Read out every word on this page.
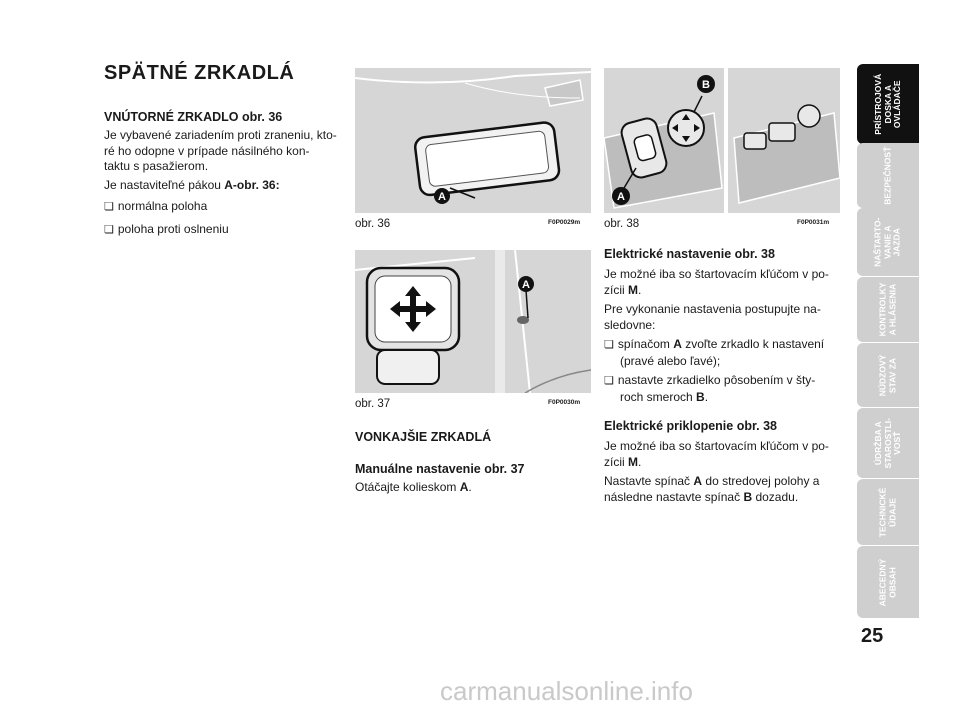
SPÄTNÉ ZRKADLÁ
VNÚTORNÉ ZRKADLO obr. 36
Je vybavené zariadením proti zraneniu, kto-
ré ho odopne v prípade násilného kon-
taktu s pasažierom.
Je nastaviteľné pákou A-obr. 36:
❏ normálna poloha
❏ poloha proti oslneniu
A
obr. 36	F0P0029m
A
obr. 37	F0P0030m
VONKAJŠIE ZRKADLÁ
Manuálne nastavenie obr. 37
Otáčajte kolieskom A.
B
A
obr. 38	F0P0031m
Elektrické nastavenie obr. 38
Je možné iba so štartovacím kľúčom v po-
zícii M.
Pre vykonanie nastavenia postupujte na-
sledovne:
❏ spínačom A zvoľte zrkadlo k nastavení
(pravé alebo ľavé);
❏ nastavte zrkadielko pôsobením v šty-
roch smeroch B.
Elektrické priklopenie obr. 38
Je možné iba so štartovacím kľúčom v po-
zícii M.
Nastavte spínač A do stredovej polohy a
následne nastavte spínač B dozadu.
PRÍSTROJOVÁ
DOSKA A
OVLÁDAČE
BEZPEČNOSŤ
NAŠTARTO-
VANIE A
JAZDA
KONTROLKY
A HLÁSENIA
NÚDZOVÝ
STAV ZA
ÚDRŽBA A
STAROSTLI-
VOSŤ
TECHNICKÉ
ÚDAJE
ABECEDNÝ
OBSAH
25
carmanualsonline.info
